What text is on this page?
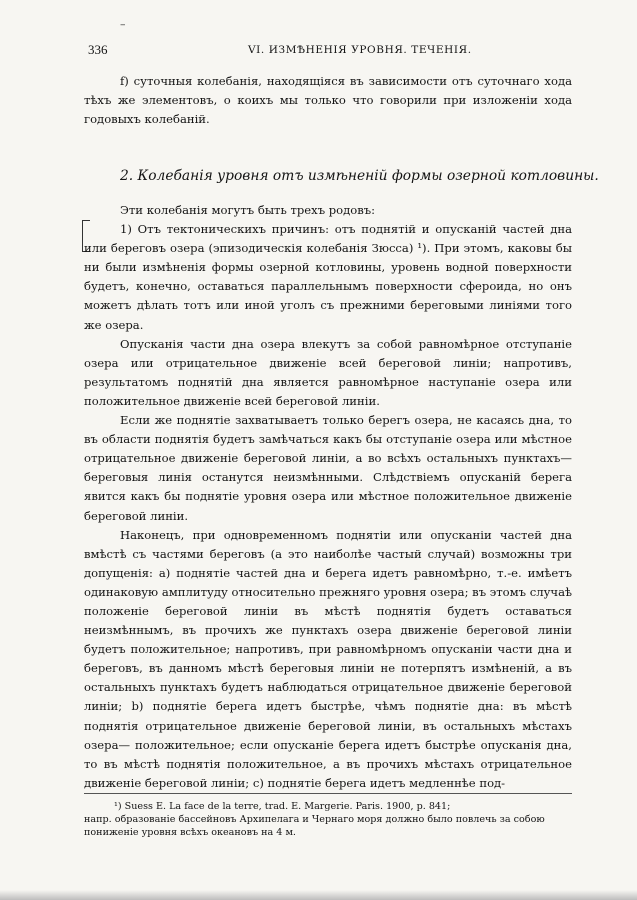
–
336	VI. ИЗМѢНЕНІЯ УРОВНЯ. ТЕЧЕНІЯ.

f) суточныя колебанія, находящіяся въ зависимости отъ суточнаго хода тѣхъ же элементовъ, о коихъ мы только что говорили при изложеніи хода годовыхъ колебаній.

2. Колебанія уровня отъ измѣненій формы озерной котловины.

Эти колебанія могутъ быть трехъ родовъ:

1) Отъ тектоническихъ причинъ: отъ поднятій и опусканій частей дна или береговъ озера (эпизодическія колебанія Зюсса) ¹). При этомъ, каковы бы ни были измѣненія формы озерной котловины, уровень водной поверхности будетъ, конечно, оставаться параллельнымъ поверхности сфероида, но онъ можетъ дѣлать тотъ или иной уголъ съ прежними береговыми линіями того же озера.

Опусканія части дна озера влекутъ за собой равномѣрное отступаніе озера или отрицательное движеніе всей береговой линіи; напротивъ, результатомъ поднятій дна является равномѣрное наступаніе озера или положительное движеніе всей береговой линіи.

Если же поднятіе захватываетъ только берегъ озера, не касаясь дна, то въ области поднятія будетъ замѣчаться какъ бы отступаніе озера или мѣстное отрицательное движеніе береговой линіи, а во всѣхъ остальныхъ пунктахъ—береговыя линія останутся неизмѣнными. Слѣдствіемъ опусканій берега явится какъ бы поднятіе уровня озера или мѣстное положительное движеніе береговой линіи.

Наконецъ, при одновременномъ поднятіи или опусканіи частей дна вмѣстѣ съ частями береговъ (а это наиболѣе частый случай) возможны три допущенія: a) поднятіе частей дна и берега идетъ равномѣрно, т.-е. имѣетъ одинаковую амплитуду относительно прежняго уровня озера; въ этомъ случаѣ положеніе береговой линіи въ мѣстѣ поднятія будетъ оставаться неизмѣннымъ, въ прочихъ же пунктахъ озера движеніе береговой линіи будетъ положительное; напротивъ, при равномѣрномъ опусканіи части дна и береговъ, въ данномъ мѣстѣ береговыя линіи не потерпятъ измѣненій, а въ остальныхъ пунктахъ будетъ наблюдаться отрицательное движеніе береговой линіи; b) поднятіе берега идетъ быстрѣе, чѣмъ поднятіе дна: въ мѣстѣ поднятія отрицательное движеніе береговой линіи, въ остальныхъ мѣстахъ озера— положительное; если опусканіе берега идетъ быстрѣе опусканія дна, то въ мѣстѣ поднятія положительное, а въ прочихъ мѣстахъ отрицательное движеніе береговой линіи; c) поднятіе берега идетъ медленнѣе под-

¹) Suess E. La face de la terre, trad. E. Margerie. Paris. 1900, p. 841;

напр. образованіе бассейновъ Архипелага и Чернаго моря должно было повлечь за собою пониженіе уровня всѣхъ океановъ на 4 м.
